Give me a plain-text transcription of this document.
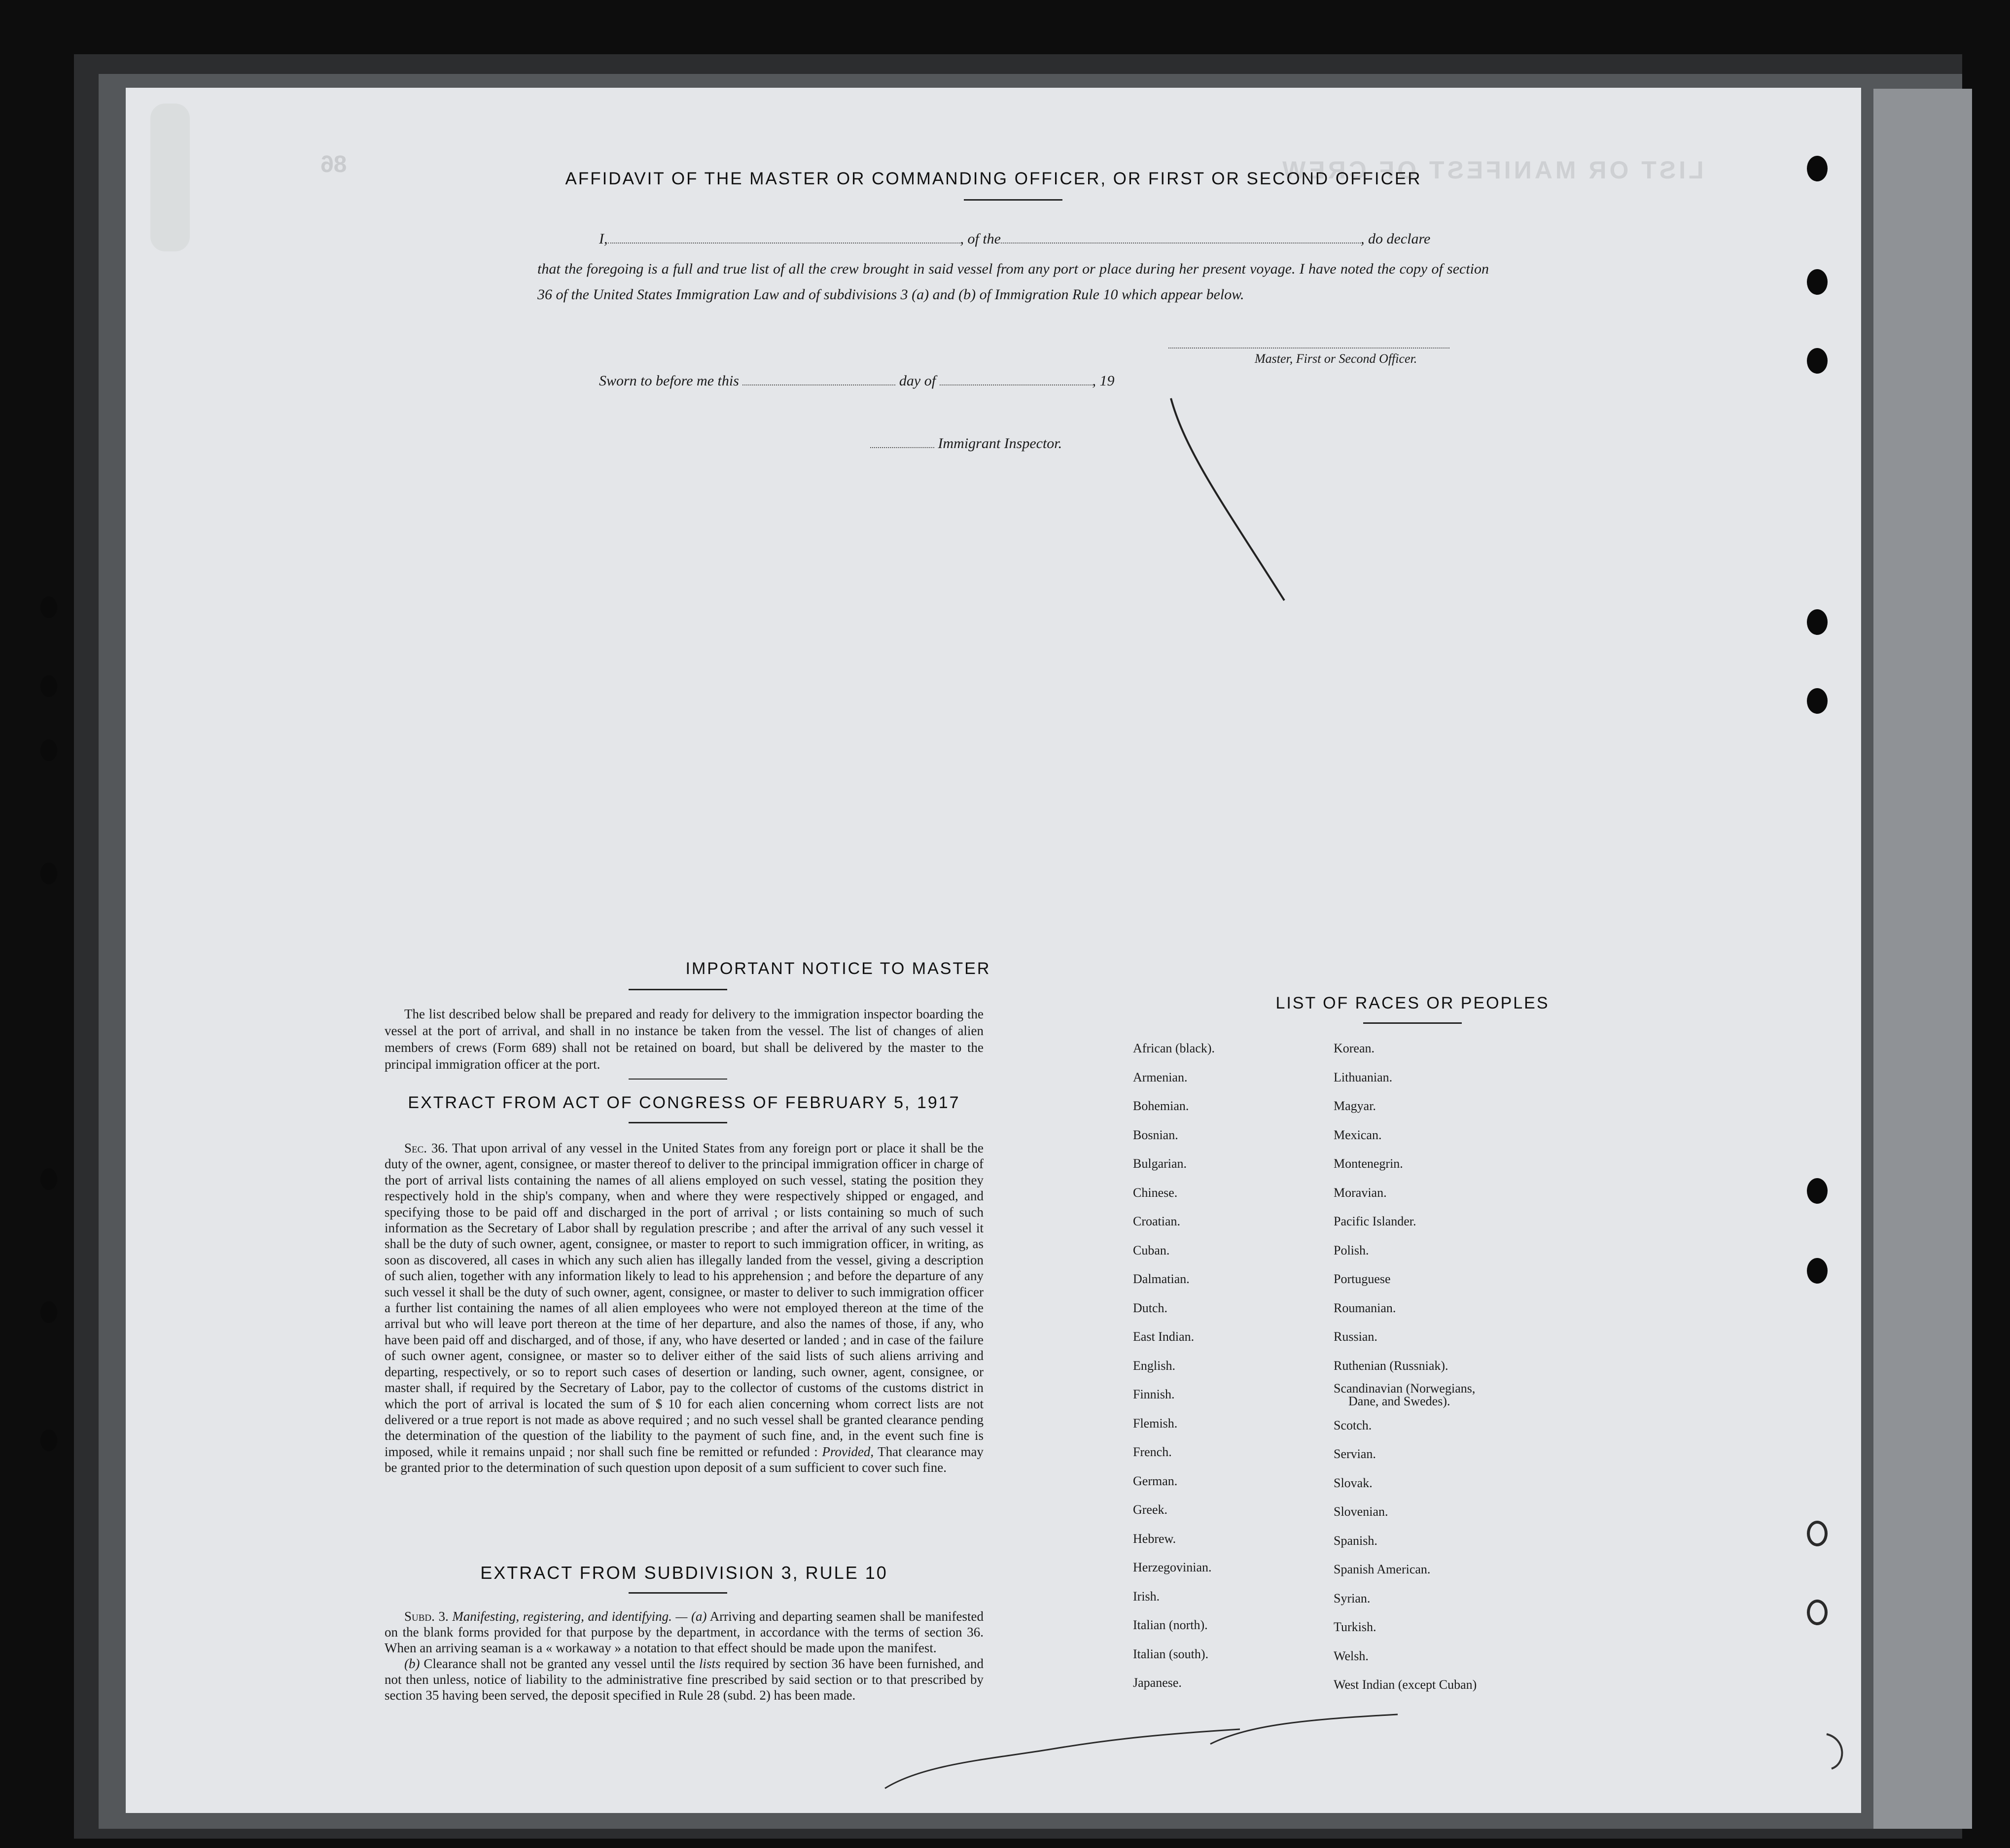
86	LIST OR MANIFEST OF CREW
AFFIDAVIT OF THE MASTER OR COMMANDING OFFICER, OR FIRST OR SECOND OFFICER
I,	, of the	, do declare

that the foregoing is a full and true list of all the crew brought in said vessel from any port or place during her present voyage. I have noted the copy of section 36 of the United States Immigration Law and of subdivisions 3 (a) and (b) of Immigration Rule 10 which appear below.

Master, First or Second Officer.
Sworn to before me this	day of	, 19
Immigrant Inspector.
IMPORTANT NOTICE TO MASTER

The list described below shall be prepared and ready for delivery to the immigration inspector boarding the vessel at the port of arrival, and shall in no instance be taken from the vessel. The list of changes of alien members of crews (Form 689) shall not be retained on board, but shall be delivered by the master to the principal immigration officer at the port.

EXTRACT FROM ACT OF CONGRESS OF FEBRUARY 5, 1917

Sec. 36. That upon arrival of any vessel in the United States from any foreign port or place it shall be the duty of the owner, agent, consignee, or master thereof to deliver to the principal immigration officer in charge of the port of arrival lists containing the names of all aliens employed on such vessel, stating the position they respectively hold in the ship's company, when and where they were respectively shipped or engaged, and specifying those to be paid off and discharged in the port of arrival ; or lists containing so much of such information as the Secretary of Labor shall by regulation prescribe ; and after the arrival of any such vessel it shall be the duty of such owner, agent, consignee, or master to report to such immigration officer, in writing, as soon as discovered, all cases in which any such alien has illegally landed from the vessel, giving a description of such alien, together with any information likely to lead to his apprehension ; and before the departure of any such vessel it shall be the duty of such owner, agent, consignee, or master to deliver to such immigration officer a further list containing the names of all alien employees who were not employed thereon at the time of the arrival but who will leave port thereon at the time of her departure, and also the names of those, if any, who have been paid off and discharged, and of those, if any, who have deserted or landed ; and in case of the failure of such owner agent, consignee, or master so to deliver either of the said lists of such aliens arriving and departing, respectively, or so to report such cases of desertion or landing, such owner, agent, consignee, or master shall, if required by the Secretary of Labor, pay to the collector of customs of the customs district in which the port of arrival is located the sum of $ 10 for each alien concerning whom correct lists are not delivered or a true report is not made as above required ; and no such vessel shall be granted clearance pending the determination of the question of the liability to the payment of such fine, and, in the event such fine is imposed, while it remains unpaid ; nor shall such fine be remitted or refunded : Provided, That clearance may be granted prior to the determination of such question upon deposit of a sum sufficient to cover such fine.

EXTRACT FROM SUBDIVISION 3, RULE 10

Subd. 3. Manifesting, registering, and identifying. — (a) Arriving and departing seamen shall be manifested on the blank forms provided for that purpose by the department, in accordance with the terms of section 36. When an arriving seaman is a « workaway » a notation to that effect should be made upon the manifest.

(b) Clearance shall not be granted any vessel until the lists required by section 36 have been furnished, and not then unless, notice of liability to the administrative fine prescribed by said section or to that prescribed by section 35 having been served, the deposit specified in Rule 28 (subd. 2) has been made.

LIST OF RACES OR PEOPLES
African (black).
Armenian.
Bohemian.
Bosnian.
Bulgarian.
Chinese.
Croatian.
Cuban.
Dalmatian.
Dutch.
East Indian.
English.
Finnish.
Flemish.
French.
German.
Greek.
Hebrew.
Herzegovinian.
Irish.
Italian (north).
Italian (south).
Japanese.
Korean.
Lithuanian.
Magyar.
Mexican.
Montenegrin.
Moravian.
Pacific Islander.
Polish.
Portuguese
Roumanian.
Russian.
Ruthenian (Russniak).
Scandinavian (Norwegians,
Dane, and Swedes).
Scotch.
Servian.
Slovak.
Slovenian.
Spanish.
Spanish American.
Syrian.
Turkish.
Welsh.
West Indian (except Cuban)
